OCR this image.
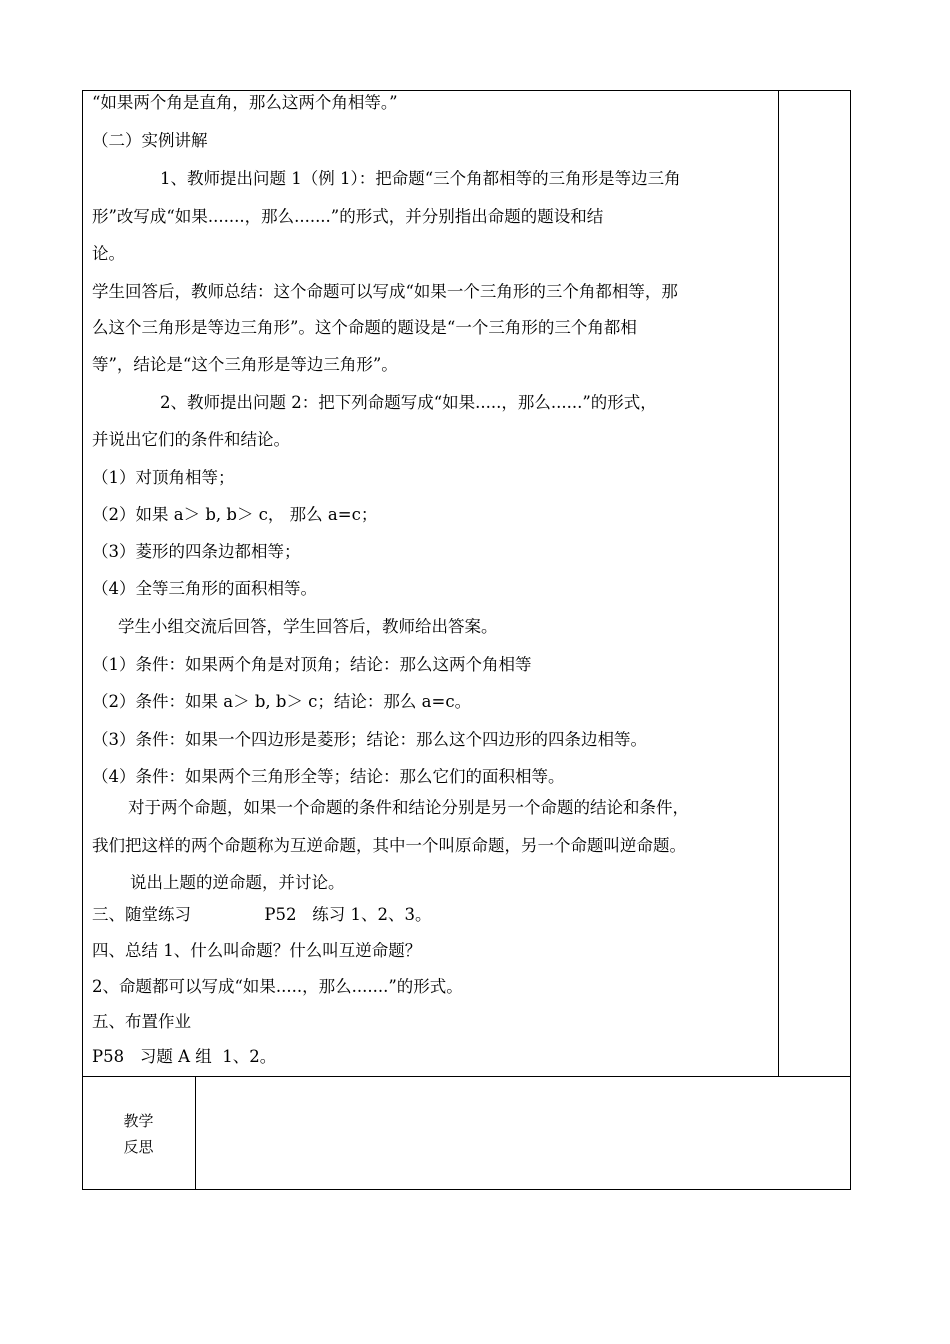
“如果两个角是直角，那么这两个角相等。”
（二）实例讲解
1、教师提出问题 1（例 1）：把命题“三个角都相等的三角形是等边三角
形”改写成“如果.......，那么.......”的形式，并分别指出命题的题设和结
论。
学生回答后，教师总结：这个命题可以写成“如果一个三角形的三个角都相等，那
么这个三角形是等边三角形”。这个命题的题设是“一个三角形的三个角都相
等”，结论是“这个三角形是等边三角形”。
2、教师提出问题 2：把下列命题写成“如果.....，那么......”的形式，
并说出它们的条件和结论。
（1）对顶角相等；
（2）如果 a＞ b, b＞ c， 那么 a=c；
（3）菱形的四条边都相等；
（4）全等三角形的面积相等。
学生小组交流后回答，学生回答后，教师给出答案。
（1）条件：如果两个角是对顶角；结论：那么这两个角相等
（2）条件：如果 a＞ b, b＞ c；结论：那么 a=c。
（3）条件：如果一个四边形是菱形；结论：那么这个四边形的四条边相等。
（4）条件：如果两个三角形全等；结论：那么它们的面积相等。
对于两个命题，如果一个命题的条件和结论分别是另一个命题的结论和条件，
我们把这样的两个命题称为互逆命题，其中一个叫原命题，另一个命题叫逆命题。
说出上题的逆命题，并讨论。
三、随堂练习              P52   练习 1、2、3。
四、总结 1、什么叫命题？什么叫互逆命题？
2、命题都可以写成“如果.....，那么.......”的形式。
五、布置作业
P58   习题 A 组  1、2。
教学
反思
